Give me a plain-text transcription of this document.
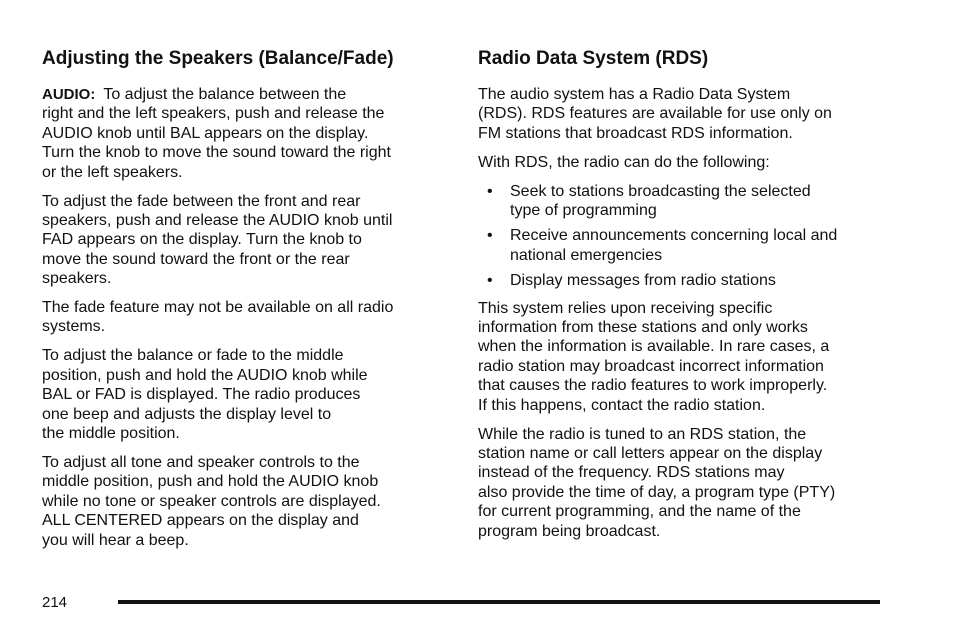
Adjusting the Speakers (Balance/Fade)

AUDIO: To adjust the balance between the
right and the left speakers, push and release the
AUDIO knob until BAL appears on the display.
Turn the knob to move the sound toward the right
or the left speakers.

To adjust the fade between the front and rear
speakers, push and release the AUDIO knob until
FAD appears on the display. Turn the knob to
move the sound toward the front or the rear
speakers.

The fade feature may not be available on all radio
systems.

To adjust the balance or fade to the middle
position, push and hold the AUDIO knob while
BAL or FAD is displayed. The radio produces
one beep and adjusts the display level to
the middle position.

To adjust all tone and speaker controls to the
middle position, push and hold the AUDIO knob
while no tone or speaker controls are displayed.
ALL CENTERED appears on the display and
you will hear a beep.

Radio Data System (RDS)

The audio system has a Radio Data System
(RDS). RDS features are available for use only on
FM stations that broadcast RDS information.

With RDS, the radio can do the following:

• Seek to stations broadcasting the selected
type of programming
• Receive announcements concerning local and
national emergencies
• Display messages from radio stations

This system relies upon receiving specific
information from these stations and only works
when the information is available. In rare cases, a
radio station may broadcast incorrect information
that causes the radio features to work improperly.
If this happens, contact the radio station.

While the radio is tuned to an RDS station, the
station name or call letters appear on the display
instead of the frequency. RDS stations may
also provide the time of day, a program type (PTY)
for current programming, and the name of the
program being broadcast.

214
